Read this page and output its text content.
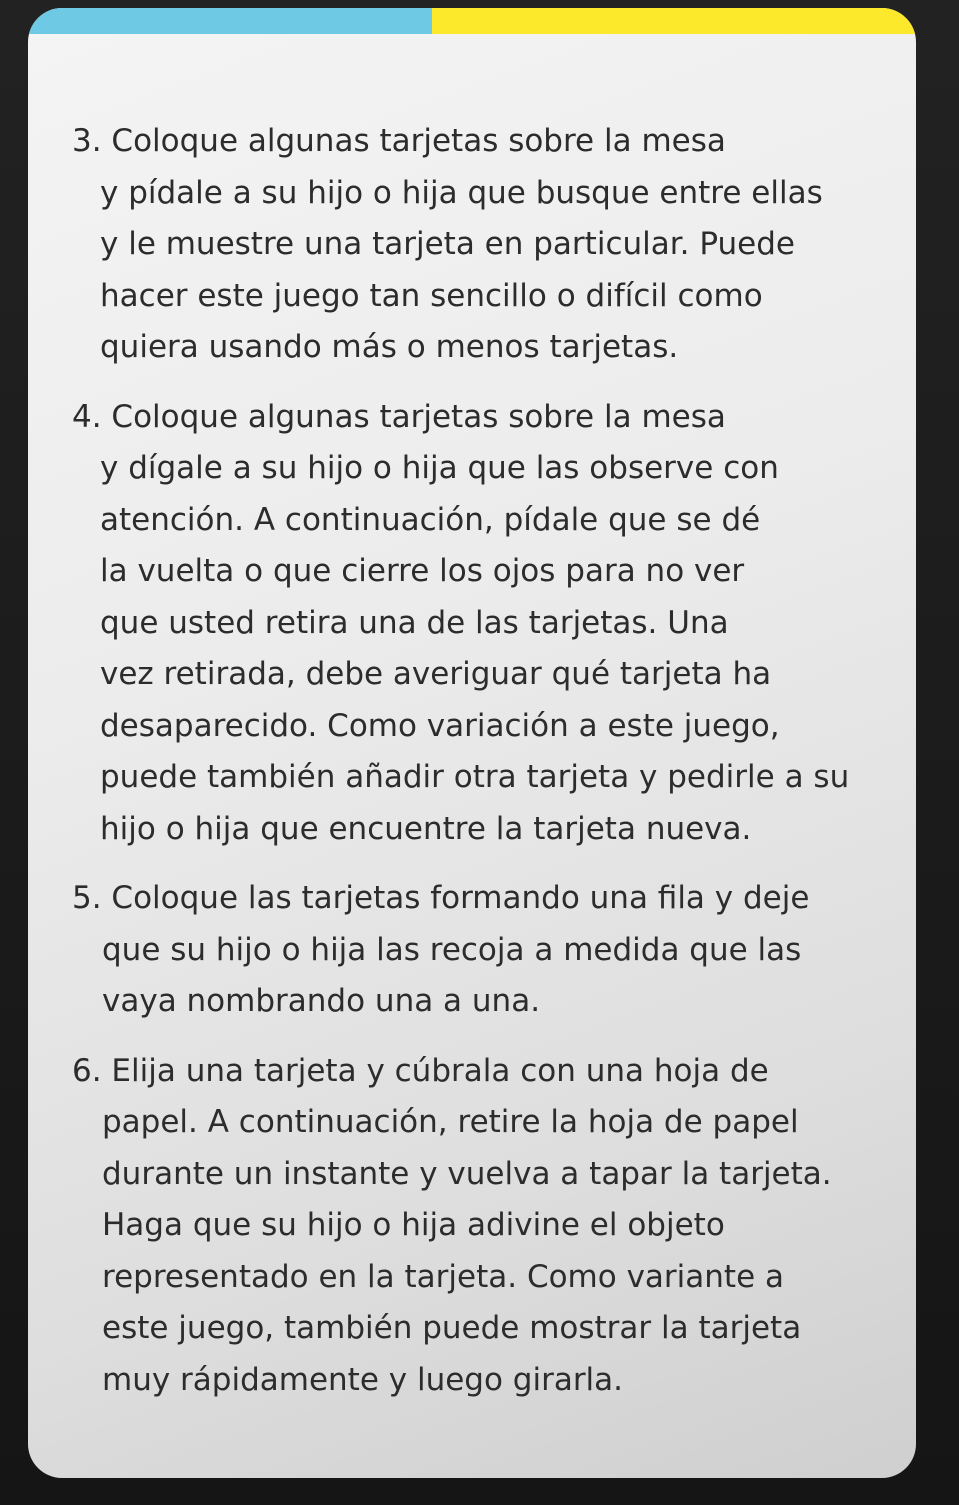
3. Coloque algunas tarjetas sobre la mesa
y pídale a su hijo o hija que busque entre ellas
y le muestre una tarjeta en particular. Puede
hacer este juego tan sencillo o difícil como
quiera usando más o menos tarjetas.
4. Coloque algunas tarjetas sobre la mesa
y dígale a su hijo o hija que las observe con
atención. A continuación, pídale que se dé
la vuelta o que cierre los ojos para no ver
que usted retira una de las tarjetas. Una
vez retirada, debe averiguar qué tarjeta ha
desaparecido. Como variación a este juego,
puede también añadir otra tarjeta y pedirle a su
hijo o hija que encuentre la tarjeta nueva.
5. Coloque las tarjetas formando una fila y deje
que su hijo o hija las recoja a medida que las
vaya nombrando una a una.
6. Elija una tarjeta y cúbrala con una hoja de
papel. A continuación, retire la hoja de papel
durante un instante y vuelva a tapar la tarjeta.
Haga que su hijo o hija adivine el objeto
representado en la tarjeta. Como variante a
este juego, también puede mostrar la tarjeta
muy rápidamente y luego girarla.
